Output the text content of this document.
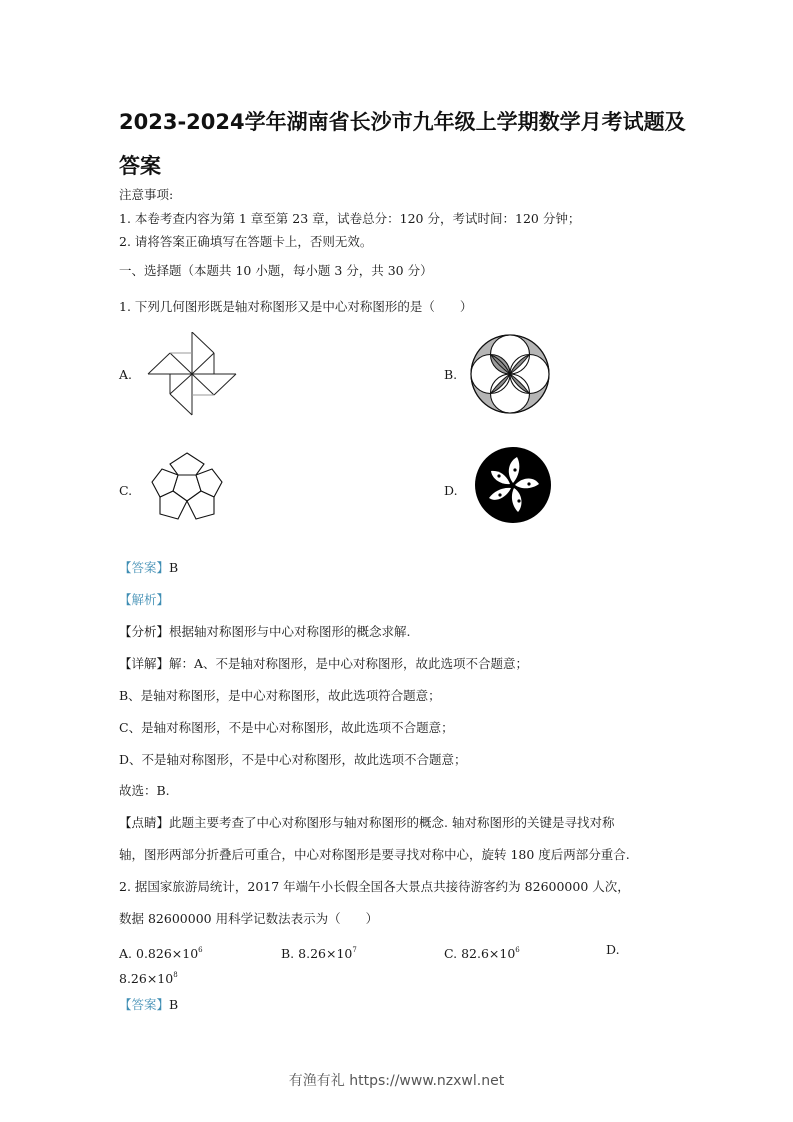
2023-2024学年湖南省长沙市九年级上学期数学月考试题及
答案
注意事项:
1. 本卷考查内容为第 1 章至第 23 章，试卷总分：120 分，考试时间：120 分钟；
2. 请将答案正确填写在答题卡上，否则无效。
一、选择题（本题共 10 小题，每小题 3 分，共 30 分）
1. 下列几何图形既是轴对称图形又是中心对称图形的是（　　）
A.	B.
C.	D.
【答案】B
【解析】
【分析】根据轴对称图形与中心对称图形的概念求解.
【详解】解：A、不是轴对称图形，是中心对称图形，故此选项不合题意；
B、是轴对称图形，是中心对称图形，故此选项符合题意；
C、是轴对称图形，不是中心对称图形，故此选项不合题意；
D、不是轴对称图形，不是中心对称图形，故此选项不合题意；
故选：B.
【点睛】此题主要考查了中心对称图形与轴对称图形的概念. 轴对称图形的关键是寻找对称
轴，图形两部分折叠后可重合，中心对称图形是要寻找对称中心，旋转 180 度后两部分重合.
2. 据国家旅游局统计，2017 年端午小长假全国各大景点共接待游客约为 82600000 人次，
数据 82600000 用科学记数法表示为（　　）
A. $0.826\times 10^6$	B. $8.26\times 10^7$	C. $82.6\times 10^6$	D.
$8.26\times 10^8$
【答案】B
有渔有礼 https://www.nzxwl.net
